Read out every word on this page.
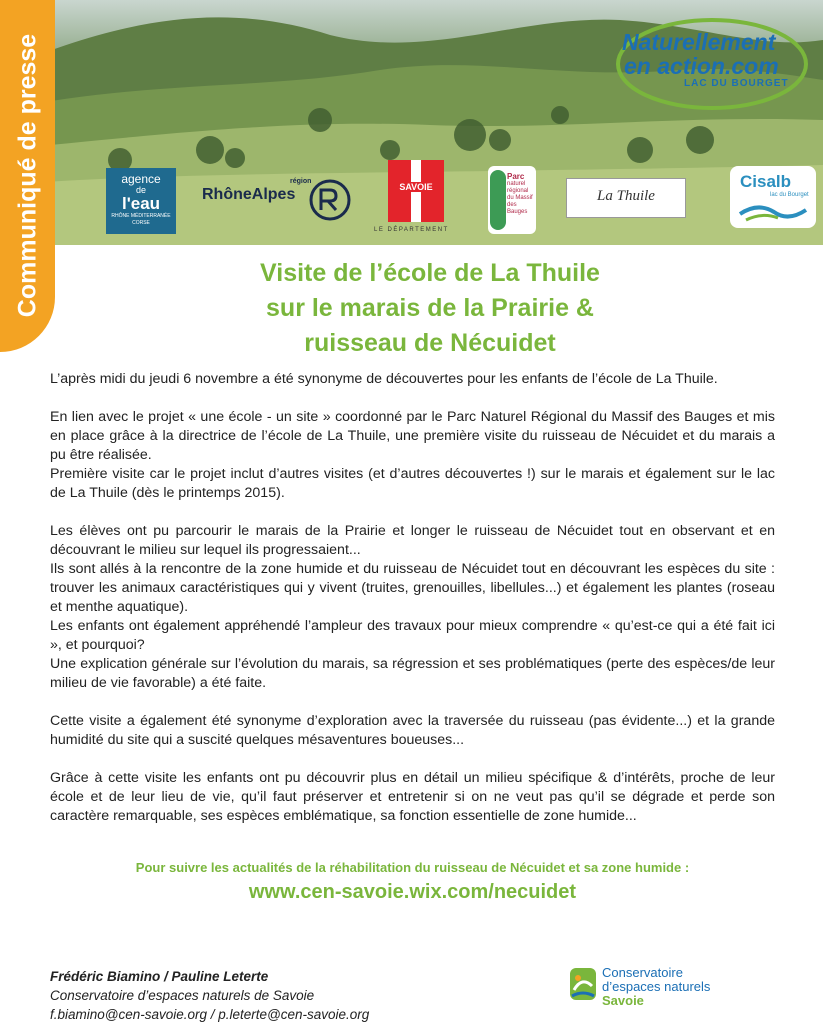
Naturellement
en action.com
LAC DU BOURGET
agence
de
l'eau
RHÔNE MÉDITERRANÉE CORSE
RhôneAlpes
région
SAVOIE
LE DÉPARTEMENT
Parc
naturel
régional
du Massif
des Bauges
La Thuile
Cisalb
lac du Bourget
Communiqué de presse	Visite de l’école de La Thuile
sur le marais de la Prairie &
ruisseau de Nécuidet

L’après midi du jeudi 6 novembre a été synonyme de découvertes pour les enfants de l’école de La Thuile.

En lien avec le projet « une école - un site » coordonné par le Parc Naturel Régional du Massif des Bauges et mis en place grâce à la directrice de l’école de La Thuile, une première visite du ruisseau de Nécuidet et du marais a pu être réalisée.

Première visite car le projet inclut d’autres visites (et d’autres découvertes !) sur le marais et également sur le lac de La Thuile (dès le printemps 2015).

Les élèves ont pu parcourir le marais de la Prairie et longer le ruisseau de Nécuidet tout en observant et en découvrant le milieu sur lequel ils progressaient...

Ils sont allés à la rencontre de la zone humide et du ruisseau de Nécuidet tout en découvrant les espèces du site : trouver les animaux caractéristiques qui y vivent (truites, grenouilles, libellules...) et également les plantes (roseau et menthe aquatique).

Les enfants ont également appréhendé l’ampleur des travaux pour mieux comprendre « qu’est-ce qui a été fait ici », et pourquoi?

Une explication générale sur l’évolution du marais, sa régression et ses problématiques (perte des espèces/de leur milieu de vie favorable) a été faite.

Cette visite a également été synonyme d’exploration avec la traversée du ruisseau (pas évidente...) et la grande humidité du site qui a suscité quelques mésaventures boueuses...

Grâce à cette visite les enfants ont pu découvrir plus en détail un milieu spécifique & d’intérêts, proche de leur école et de leur lieu de vie, qu’il faut préserver et entretenir si on ne veut pas qu’il se dégrade et perde son caractère remarquable, ses espèces emblématique, sa fonction essentielle de zone humide...

Pour suivre les actualités de la réhabilitation du ruisseau de Nécuidet et sa zone humide :
www.cen-savoie.wix.com/necuidet
Frédéric Biamino / Pauline Leterte
Conservatoire d’espaces naturels de Savoie
f.biamino@cen-savoie.org / p.leterte@cen-savoie.org
Conservatoire
d’espaces naturels
Savoie
